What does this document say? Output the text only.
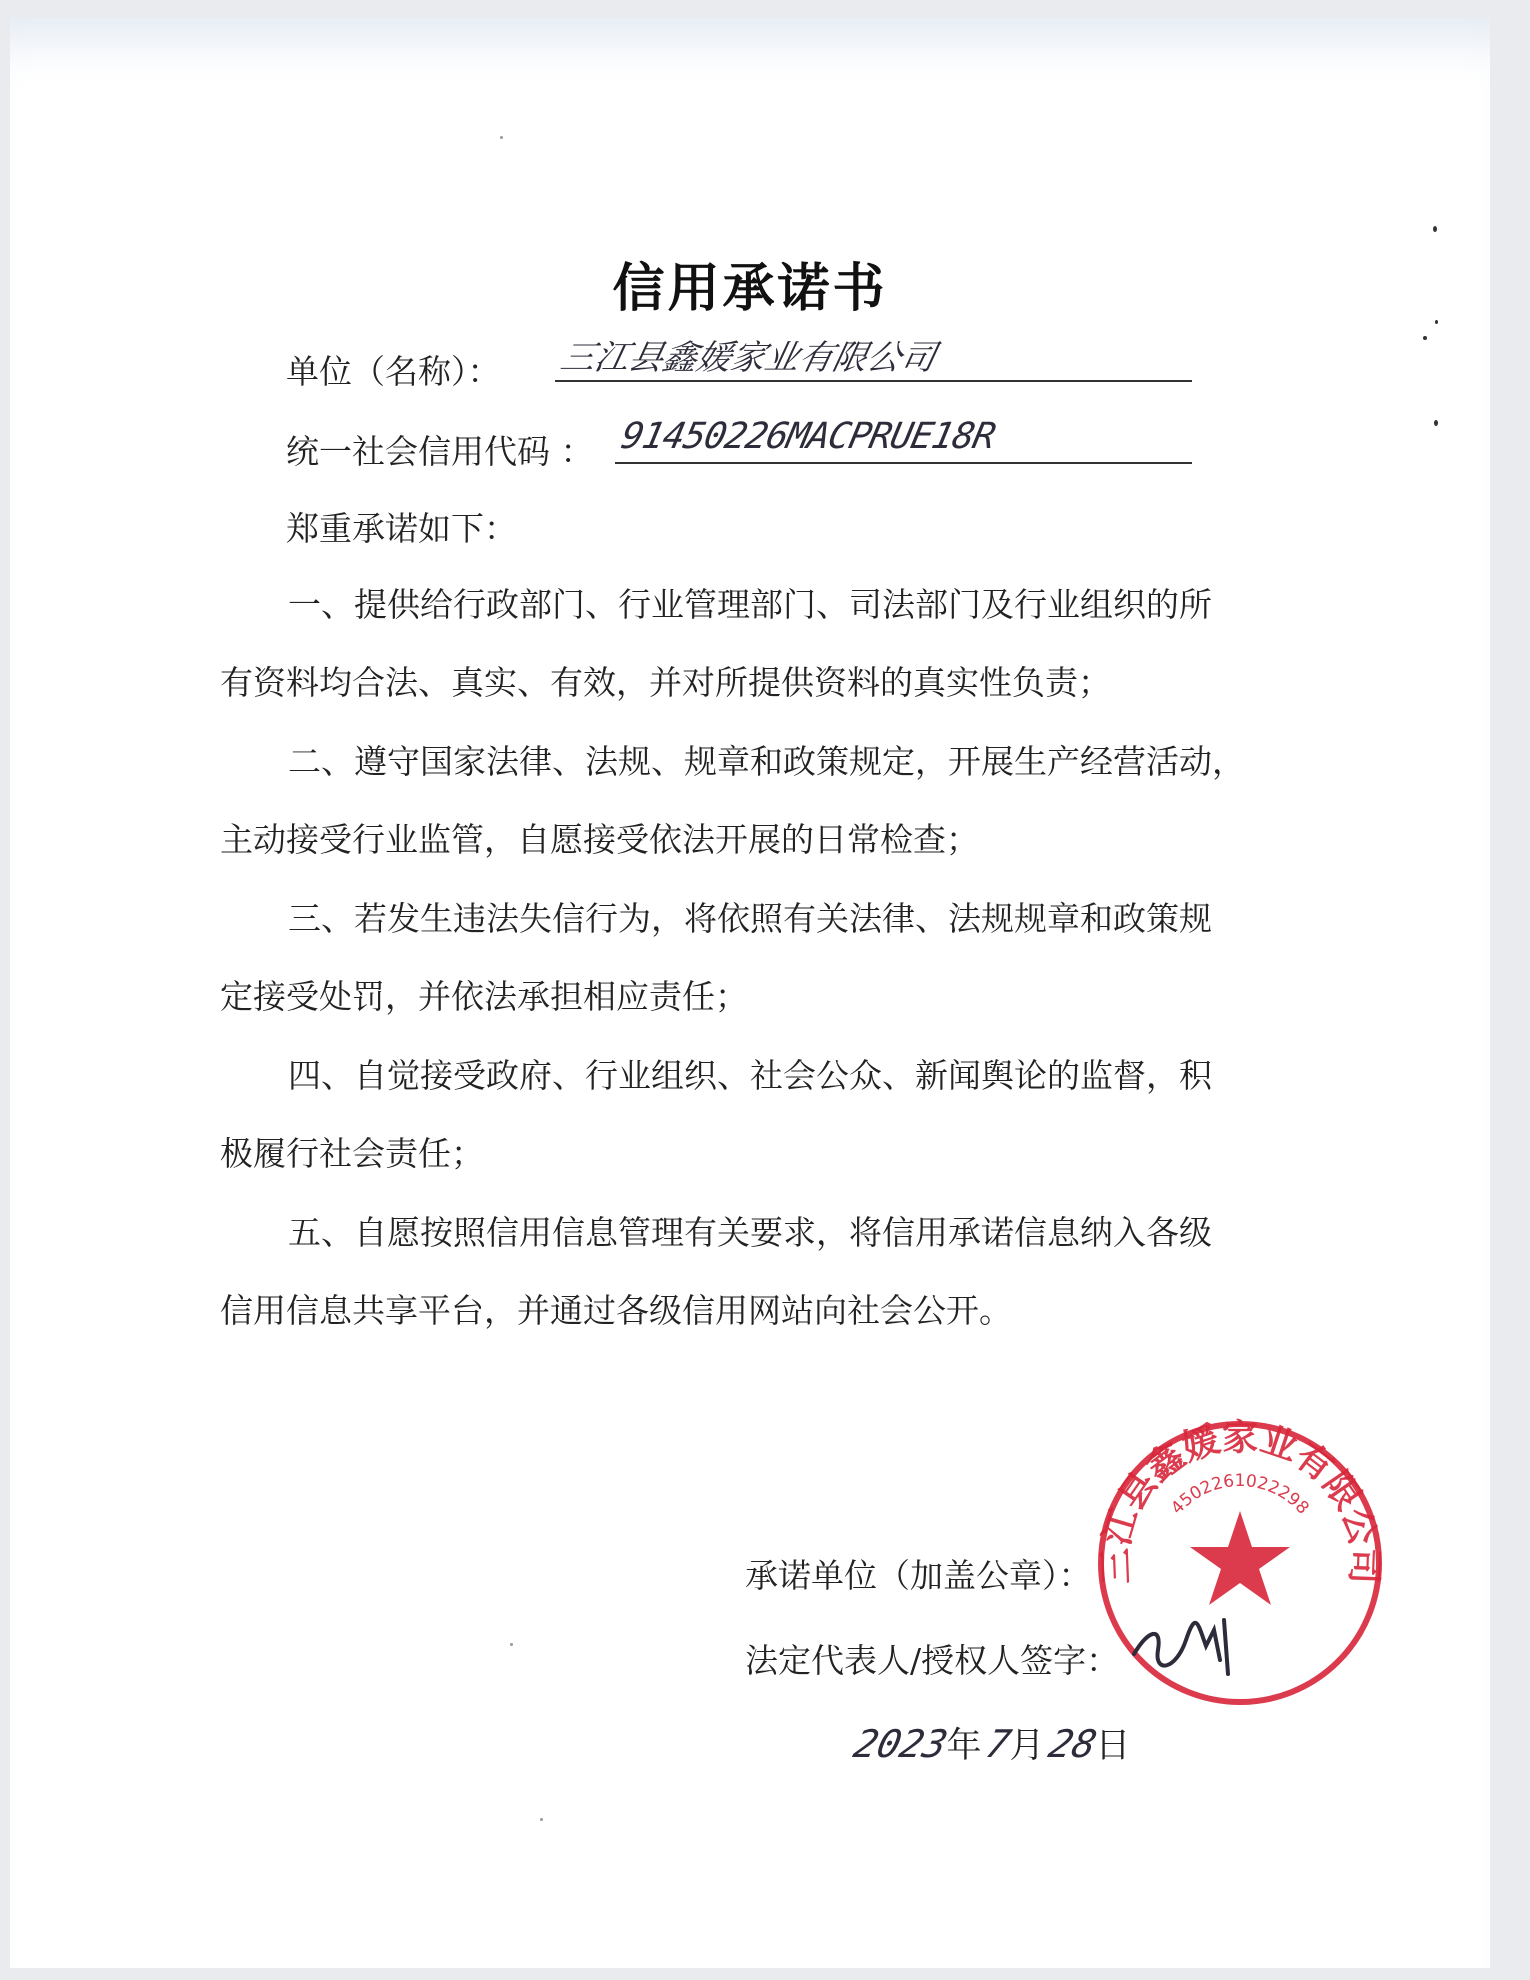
信用承诺书
单位（名称）： 三江县鑫媛家业有限公司
统一社会信用代码 ： 91450226MACPRUE18R
郑重承诺如下：
一、提供给行政部门、行业管理部门、司法部门及行业组织的所
有资料均合法、真实、有效，并对所提供资料的真实性负责；
二、遵守国家法律、法规、规章和政策规定，开展生产经营活动，
主动接受行业监管，自愿接受依法开展的日常检查；
三、若发生违法失信行为，将依照有关法律、法规规章和政策规
定接受处罚，并依法承担相应责任；
四、自觉接受政府、行业组织、社会公众、新闻舆论的监督，积
极履行社会责任；
五、自愿按照信用信息管理有关要求，将信用承诺信息纳入各级
信用信息共享平台，并通过各级信用网站向社会公开。
承诺单位（加盖公章）：
法定代表人/授权人签字：
三江县鑫媛家业有限公司
4502261022298
2023年 7月 28日
